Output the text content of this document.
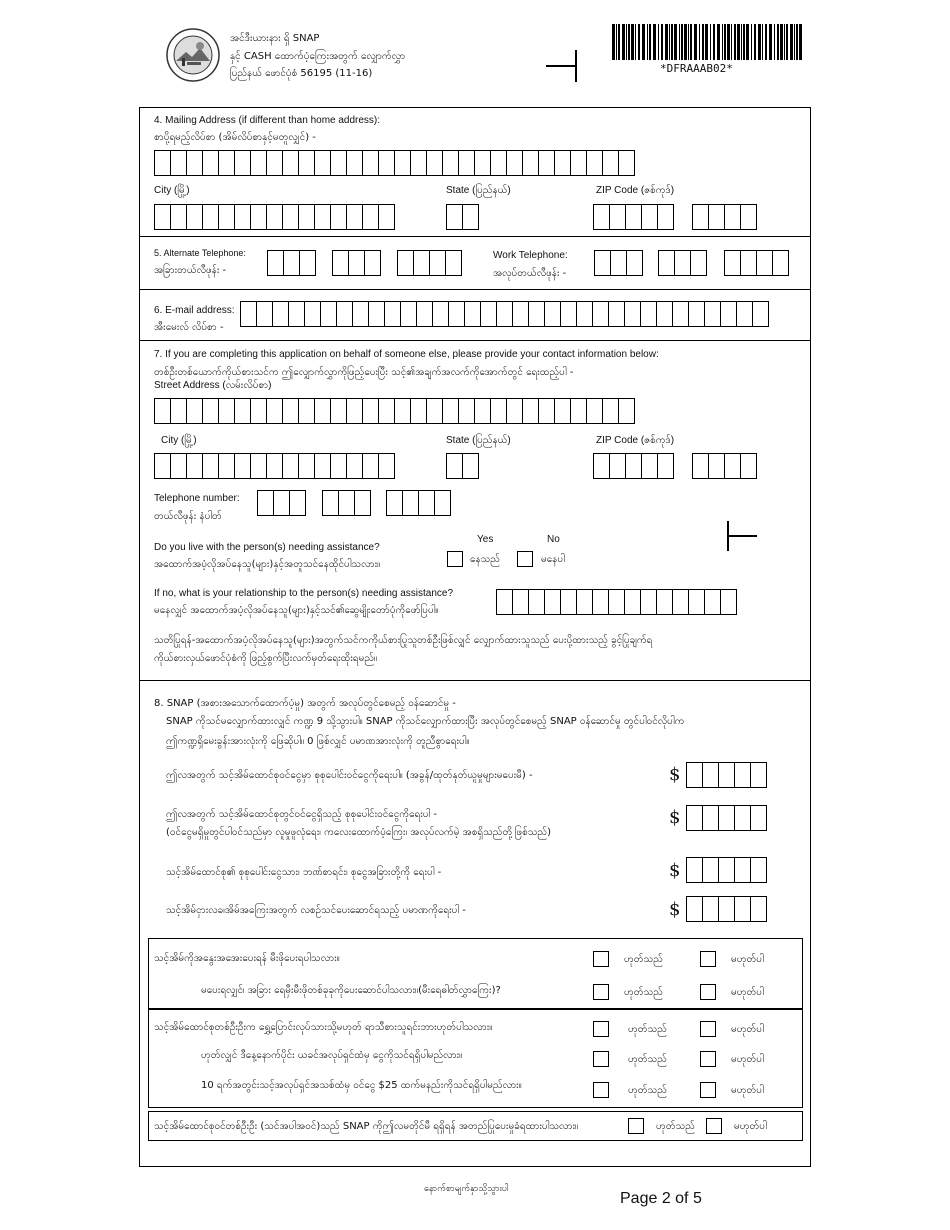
အင်ဒီးယားနား ရှိ SNAP
နှင့် CASH ထောက်ပံ့ကြေးအတွက် လျှောက်လွှာ
ပြည်နယ် ဖောင်ပုံစံ 56195 (11-16)	*DFRAAAB02*
4. Mailing Address (if different than home address):
စာပို့ရမည့်လိပ်စာ (အိမ်လိပ်စာနှင့်မတူလျှင်) -
City (မြို့)	State (ပြည်နယ်)	ZIP Code (ဇစ်ကုဒ်)
5. Alternate Telephone:
အခြားတယ်လီဖုန်း -
Work Telephone:
အလုပ်တယ်လီဖုန်း -
6. E-mail address:
အီးမေးလ် လိပ်စာ -
7. If you are completing this application on behalf of someone else, please provide your contact information below:
တစ်ဦးတစ်ယောက်ကိုယ်စားသင်က ဤလျှောက်လွှာကိုဖြည့်ပေးပြီး သင့်၏အချက်အလက်ကိုအောက်တွင် ရေးထည့်ပါ -
Street Address (လမ်းလိပ်စာ)
City (မြို့)	State (ပြည်နယ်)	ZIP Code (ဇစ်ကုဒ်)
Telephone number:
တယ်လီဖုန်း နံပါတ်
Yes	No
Do you live with the person(s) needing assistance?
အထောက်အပံ့လိုအပ်နေသူ(များ)နှင့်အတူသင်နေထိုင်ပါသလား။	နေသည်	မနေပါ
If no, what is your relationship to the person(s) needing assistance?
မနေလျှင် အထောက်အပံ့လိုအပ်နေသူ(များ)နှင့်သင်၏ဆွေမျိုးတော်ပုံကိုဖော်ပြပါ။
သတိပြုရန်-အထောက်အပံ့လိုအပ်နေသူ(များ)အတွက်သင်ကကိုယ်စားပြုသူတစ်ဦးဖြစ်လျှင် လျှောက်ထားသူသည် ပေးပို့ထားသည့် ခွင့်ပြုချက်ရ
ကိုယ်စားလှယ်ဖောင်ပုံစံကို ဖြည့်စွက်ပြီးလက်မှတ်ရေးထိုးရမည်။
8. SNAP (အစားအသောက်ထောက်ပံ့မှု) အတွက် အလုပ်တွင်စေမည့် ဝန်ဆောင်မှု -
SNAP ကိုသင်မလျှောက်ထားလျှင် ကဏ္ဍ 9 သို့သွားပါ။ SNAP ကိုသင်လျှောက်ထားပြီး အလုပ်တွင်စေမည့် SNAP ဝန်ဆောင်မှု တွင်ပါဝင်လိုပါက
ဤကဏ္ဍရှိမေးခွန်းအားလုံးကို ဖြေဆိုပါ။ 0 ဖြစ်လျှင် ပမာဏအားလုံးကို တူညီစွာရေးပါ။
ဤလအတွက် သင့်အိမ်ထောင်စုဝင်ငွေမှာ စုစုပေါင်းဝင်ငွေကိုရေးပါ။ (အခွန်/ထုတ်နုတ်ယူမှုများမပေးမီ) -	$
ဤလအတွက် သင့်အိမ်ထောင်စုတွင်ဝင်ငွေရှိသည့် စုစုပေါင်းဝင်ငွေကိုရေးပါ -
(ဝင်ငွေမရှိမှုတွင်ပါဝင်သည်မှာ လူမှုဖူလုံရေး၊ ကလေးထောက်ပံ့ကြေး၊ အလုပ်လက်မဲ့ အစရှိသည်တို့ဖြစ်သည်)
$
သင့်အိမ်ထောင်စု၏ စုစုပေါင်းငွေသား၊ ဘဏ်စာရင်း၊ စုငွေအခြားတို့ကို ရေးပါ -	$
သင့်အိမ်ငှားလခ၊အိမ်အကြေးအတွက် လစဉ်သင်ပေးဆောင်ရသည့် ပမာဏကိုရေးပါ -	$
သင့်အိမ်ကိုအနွေးအအေးပေးရန် မီးဖိုပေးရပါသလား။	ဟုတ်သည်	မဟုတ်ပါ
မပေးရလျှင်၊ အခြား ရေမှီးမီးဖိုတစ်ခုခုကိုပေးဆောင်ပါသလား။(မီးရေဓါတ်လွှာကြေး)?	ဟုတ်သည်	မဟုတ်ပါ
သင့်အိမ်ထောင်စုတစ်ဦးဦးက ရွှေ့ပြောင်းလုပ်သားသို့မဟုတ် ရာသီစားသူရင်းဘားဟုတ်ပါသလား။	ဟုတ်သည်	မဟုတ်ပါ
ဟုတ်လျှင် ဒီနေ့နောက်ပိုင်း ယခင်အလုပ်ရှင်ထံမှ ငွေကိုသင်ရရှိပါမည်လား။	ဟုတ်သည်	မဟုတ်ပါ
10 ရက်အတွင်းသင့်အလုပ်ရှင်အသစ်ထံမှ ဝင်ငွေ $25 ထက်မနည်းကိုသင်ရရှိပါမည်လား။	ဟုတ်သည်	မဟုတ်ပါ
သင့်အိမ်ထောင်စုဝင်တစ်ဦးဦး (သင်အပါအဝင်)သည် SNAP ကိုဤလမတိုင်မီ ရရှိရန် အတည်ပြုပေးမှုခံရထားပါသလား။	ဟုတ်သည်	မဟုတ်ပါ
နောက်စာမျက်နှာသို့သွားပါ
Page 2 of 5
